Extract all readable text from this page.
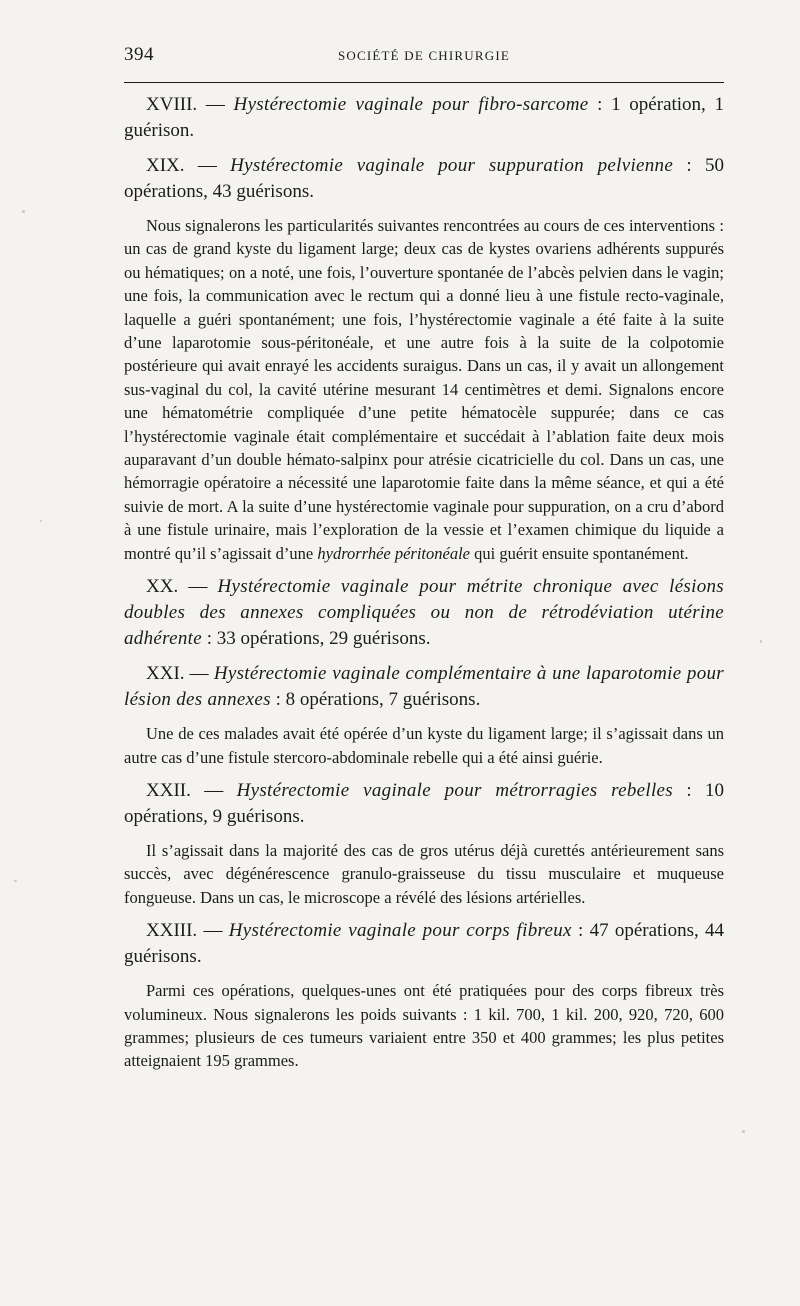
394	SOCIÉTÉ DE CHIRURGIE

XVIII. — Hystérectomie vaginale pour fibro-sarcome : 1 opération, 1 guérison.

XIX. — Hystérectomie vaginale pour suppuration pelvienne : 50 opérations, 43 guérisons.

Nous signalerons les particularités suivantes rencontrées au cours de ces interventions : un cas de grand kyste du ligament large; deux cas de kystes ovariens adhérents suppurés ou hématiques; on a noté, une fois, l’ouverture spontanée de l’abcès pelvien dans le vagin; une fois, la communication avec le rectum qui a donné lieu à une fistule recto-vaginale, laquelle a guéri spontanément; une fois, l’hystérectomie vaginale a été faite à la suite d’une laparotomie sous-péritonéale, et une autre fois à la suite de la colpotomie postérieure qui avait enrayé les accidents suraigus. Dans un cas, il y avait un allongement sus-vaginal du col, la cavité utérine mesurant 14 centimètres et demi. Signalons encore une hématométrie compliquée d’une petite hématocèle suppurée; dans ce cas l’hystérectomie vaginale était complémentaire et succédait à l’ablation faite deux mois auparavant d’un double hémato-salpinx pour atrésie cicatricielle du col. Dans un cas, une hémorragie opératoire a nécessité une laparotomie faite dans la même séance, et qui a été suivie de mort. A la suite d’une hystérectomie vaginale pour suppuration, on a cru d’abord à une fistule urinaire, mais l’exploration de la vessie et l’examen chimique du liquide a montré qu’il s’agissait d’une hydrorrhée péritonéale qui guérit ensuite spontanément.

XX. — Hystérectomie vaginale pour métrite chronique avec lésions doubles des annexes compliquées ou non de rétrodéviation utérine adhérente : 33 opérations, 29 guérisons.

XXI. — Hystérectomie vaginale complémentaire à une laparotomie pour lésion des annexes : 8 opérations, 7 guérisons.

Une de ces malades avait été opérée d’un kyste du ligament large; il s’agissait dans un autre cas d’une fistule stercoro-abdominale rebelle qui a été ainsi guérie.

XXII. — Hystérectomie vaginale pour métrorragies rebelles : 10 opérations, 9 guérisons.

Il s’agissait dans la majorité des cas de gros utérus déjà curettés antérieurement sans succès, avec dégénérescence granulo-graisseuse du tissu musculaire et muqueuse fongueuse. Dans un cas, le microscope a révélé des lésions artérielles.

XXIII. — Hystérectomie vaginale pour corps fibreux : 47 opérations, 44 guérisons.

Parmi ces opérations, quelques-unes ont été pratiquées pour des corps fibreux très volumineux. Nous signalerons les poids suivants : 1 kil. 700, 1 kil. 200, 920, 720, 600 grammes; plusieurs de ces tumeurs variaient entre 350 et 400 grammes; les plus petites atteignaient 195 grammes.
